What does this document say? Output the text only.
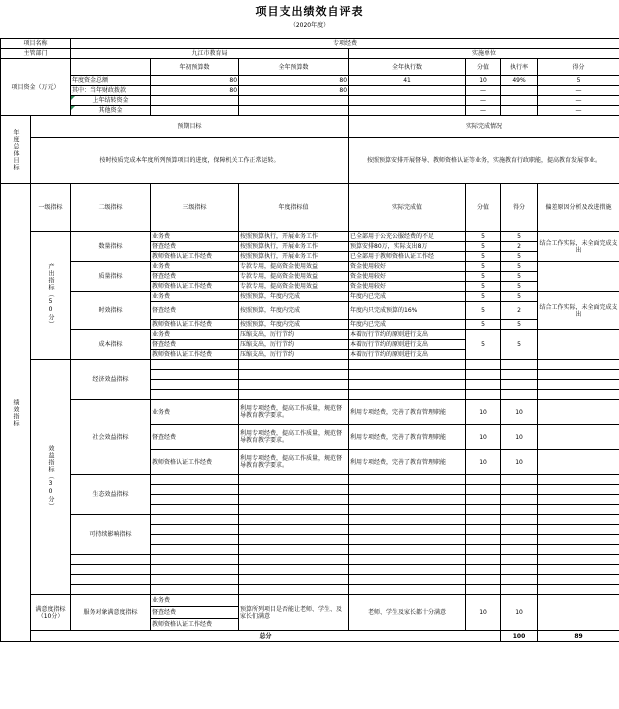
项目支出绩效自评表
（2020年度）
项目名称		专项经费						
主管部门		九江市教育局			实施单位			
项目资金（万元）			年初预算数	全年预算数	全年执行数	分值	执行率	得分
		年度资金总额	80	80	41	10	49%	5
		其中：当年财政拨款	80	80		—		—
		上年结转资金				—		—
		其他资金				—		—
年度总体目标	预期目标				实际完成情况			
	按时按质完成本年度所列预算项目的进度，保障机关工作正常运转。				按照预算安排开展督导、教师资格认证等业务，实施教育行政职能，提高教育发展事业。			
绩效指标	一级指标	二级指标	三级指标	年度指标值	实际完成值	分值	得分	偏差原因分析及改进措施
	产出指标（50分）	数量指标	业务费	按照预算执行，开展业务工作	已全部用于公充公服经费的不足	5	5	结合工作实际，未全面完成支出
			督查经费	按照预算执行，开展业务工作	预算安排80万，实际支出8万	5	2	
			教师资格认证工作经费	按照预算执行，开展业务工作	已全部用于教师资格认证工作经	5	5	
		质量指标	业务费	专款专用，提高资金使用效益	资金使用较好	5	5	
			督查经费	专款专用，提高资金使用效益	资金使用较好	5	5	
			教师资格认证工作经费	专款专用，提高资金使用效益	资金使用较好	5	5	
		时效指标	业务费	按照预算，年度内完成	年度内已完成	5	5	结合工作实际，未全面完成支出
			督查经费	按照预算，年度内完成	年度内只完成预算的16%	5	2	
			教师资格认证工作经费	按照预算，年度内完成	年度内已完成	5	5	
		成本指标	业务费	压缩支出，厉行节约	本着厉行节约的原则进行支出	5	5	
			督查经费	压缩支出，厉行节约	本着厉行节约的原则进行支出			
			教师资格认证工作经费	压缩支出，厉行节约	本着厉行节约的原则进行支出			
	效益指标（30分）	经济效益指标						

		社会效益指标	业务费	利用专项经费，提高工作质量，规范督导教育教学要求。	利用专项经费，完善了教育管理职能	10	10	
			督查经费	利用专项经费，提高工作质量，规范督导教育教学要求。	利用专项经费，完善了教育管理职能	10	10	
			教师资格认证工作经费	利用专项经费，提高工作质量，规范督导教育教学要求。	利用专项经费，完善了教育管理职能	10	10	
		生态效益指标						

		可持续影响指标						

	满意度指标（10分）	服务对象满意度指标	业务费	预算所列项目是否能让老师、学生、及家长们满意	老师、学生及家长都十分满意	10	10	
			督查经费					
			教师资格认证工作经费					
	总分						100	89
